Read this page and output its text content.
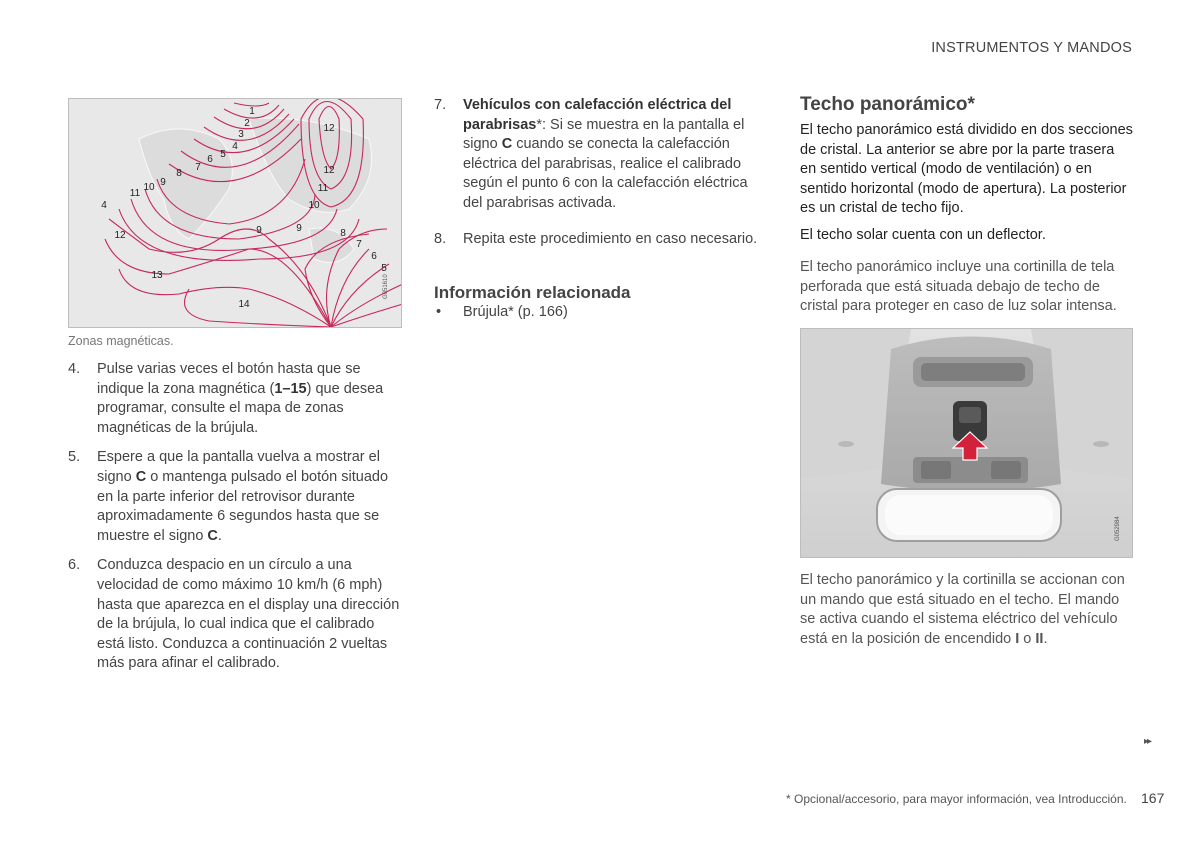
INSTRUMENTOS Y MANDOS
1
2
3
4
5
6
7
8
9
10
11
12
12
11
10
9	9	8
7
6
5
4
12
13
14
G051610
Zonas magnéticas.
4. Pulse varias veces el botón hasta que se indique la zona magnética (1–15) que desea programar, consulte el mapa de zonas magnéticas de la brújula.
5. Espere a que la pantalla vuelva a mostrar el signo C o mantenga pulsado el botón situado en la parte inferior del retrovisor durante aproximadamente 6 segundos hasta que se muestre el signo C.
6. Conduzca despacio en un círculo a una velocidad de como máximo 10 km/h (6 mph) hasta que aparezca en el display una dirección de la brújula, lo cual indica que el calibrado está listo. Conduzca a continuación 2 vueltas más para afinar el calibrado.
7. Vehículos con calefacción eléctrica del parabrisas*: Si se muestra en la pantalla el signo C cuando se conecta la calefacción eléctrica del parabrisas, realice el calibrado según el punto 6 con la calefacción eléctrica del parabrisas activada.
8. Repita este procedimiento en caso necesario.
Información relacionada
• Brújula* (p. 166)
Techo panorámico*

El techo panorámico está dividido en dos secciones de cristal. La anterior se abre por la parte trasera en sentido vertical (modo de ventilación) o en sentido horizontal (modo de apertura). La posterior es un cristal de techo fijo.

El techo solar cuenta con un deflector.

El techo panorámico incluye una cortinilla de tela perforada que está situada debajo de techo de cristal para proteger en caso de luz solar intensa.

G052984

El techo panorámico y la cortinilla se accionan con un mando que está situado en el techo. El mando se activa cuando el sistema eléctrico del vehículo está en la posición de encendido I o II.

▸▸
* Opcional/accesorio, para mayor información, vea Introducción. 167
